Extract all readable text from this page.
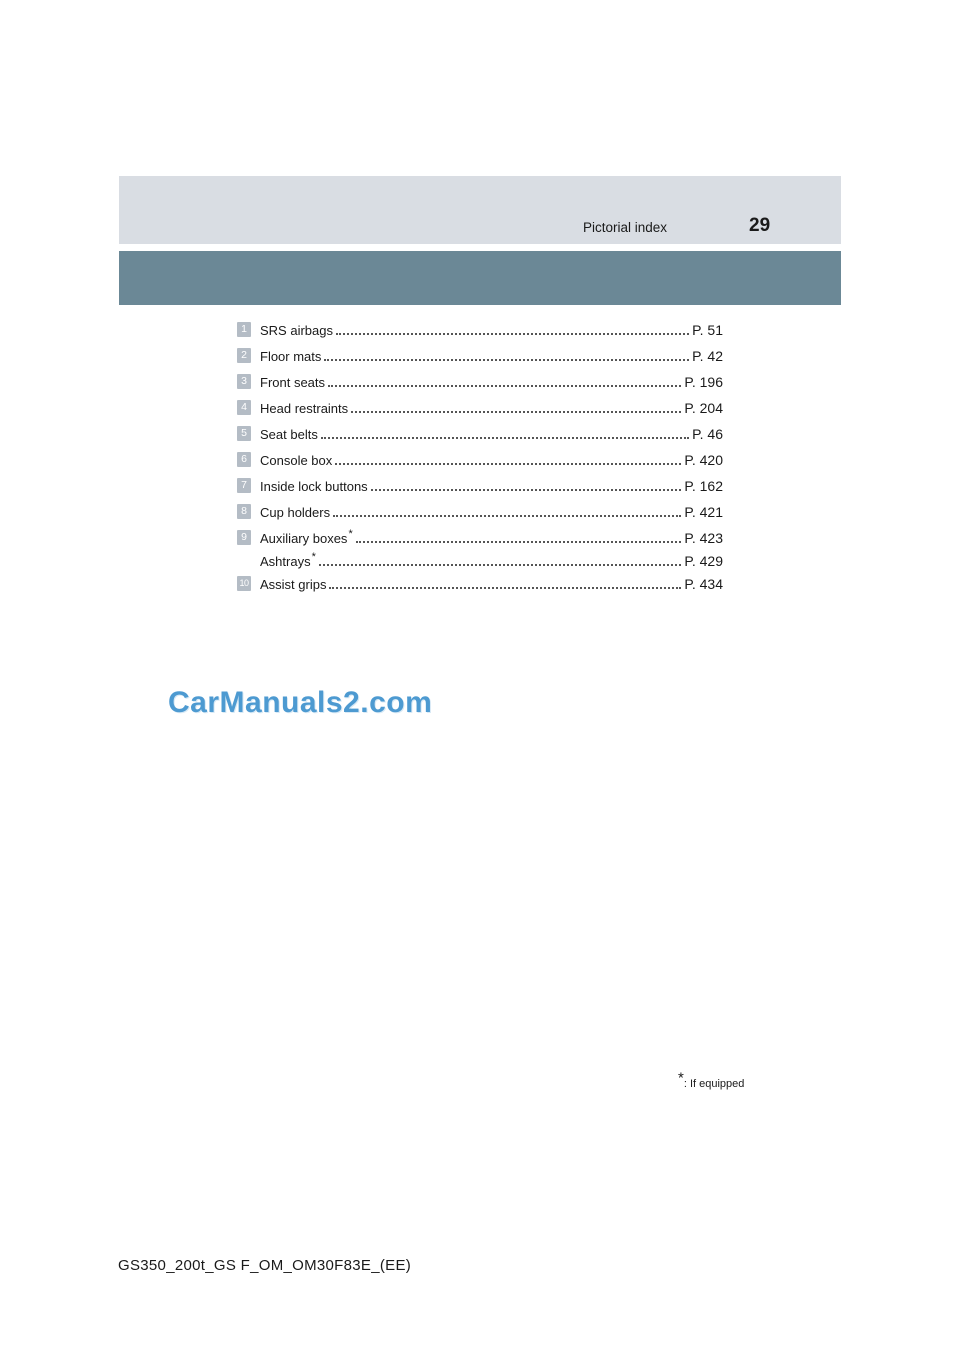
Pictorial index	29
1	SRS airbags	P. 51
2	Floor mats	P. 42
3	Front seats	P. 196
4	Head restraints	P. 204
5	Seat belts	P. 46
6	Console box	P. 420
7	Inside lock buttons	P. 162
8	Cup holders	P. 421
9	Auxiliary boxes*	P. 423
Ashtrays*	P. 429
10 Assist grips	P. 434
CarManuals2.com
*: If equipped
GS350_200t_GS F_OM_OM30F83E_(EE)
